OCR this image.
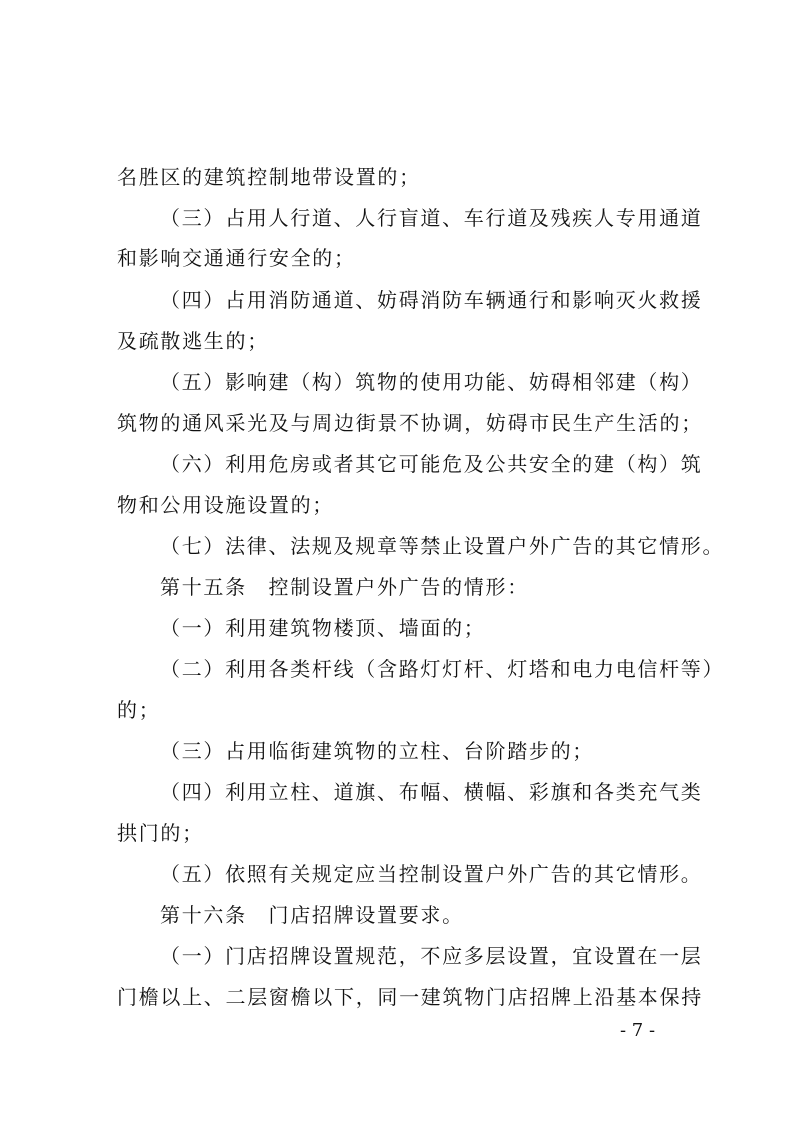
名胜区的建筑控制地带设置的；
（三）占用人行道、人行盲道、车行道及残疾人专用通道
和影响交通通行安全的；
（四）占用消防通道、妨碍消防车辆通行和影响灭火救援
及疏散逃生的；
（五）影响建（构）筑物的使用功能、妨碍相邻建（构）
筑物的通风采光及与周边街景不协调，妨碍市民生产生活的；
（六）利用危房或者其它可能危及公共安全的建（构）筑
物和公用设施设置的；
（七）法律、法规及规章等禁止设置户外广告的其它情形。
第十五条　控制设置户外广告的情形：
（一）利用建筑物楼顶、墙面的；
（二）利用各类杆线（含路灯灯杆、灯塔和电力电信杆等）
的；
（三）占用临街建筑物的立柱、台阶踏步的；
（四）利用立柱、道旗、布幅、横幅、彩旗和各类充气类
拱门的；
（五）依照有关规定应当控制设置户外广告的其它情形。
第十六条　门店招牌设置要求。
（一）门店招牌设置规范，不应多层设置，宜设置在一层
门檐以上、二层窗檐以下，同一建筑物门店招牌上沿基本保持
- 7 -
